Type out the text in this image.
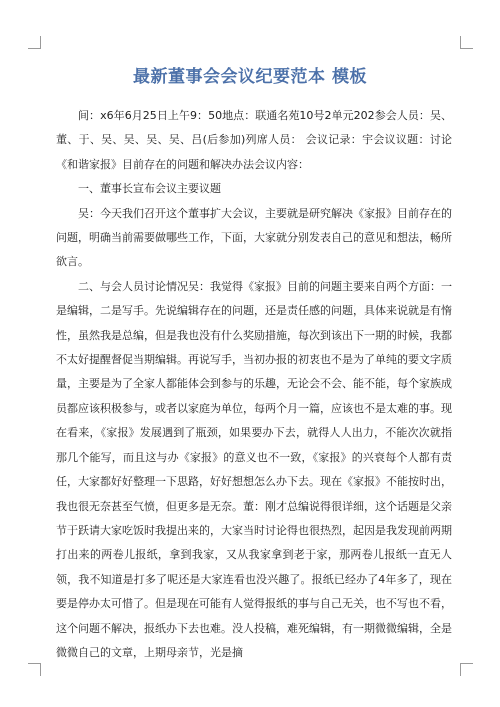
最新董事会会议纪要范本 模板

间：x6年6月25日上午9：50地点：联通名苑10号2单元202参会人员：吴、董、于、吴、吴、吴、吴、吕(后参加)列席人员： 会议记录：宇会议议题：讨论《和谐家报》目前存在的问题和解决办法会议内容：

一、董事长宣布会议主要议题

吴：今天我们召开这个董事扩大会议，主要就是研究解决《家报》目前存在的问题，明确当前需要做哪些工作，下面，大家就分别发表自己的意见和想法，畅所欲言。

二、与会人员讨论情况吴：我觉得《家报》目前的问题主要来自两个方面：一是编辑，二是写手。先说编辑存在的问题，还是责任感的问题，具体来说就是有惰性，虽然我是总编，但是我也没有什么奖励措施，每次到该出下一期的时候，我都不太好提醒督促当期编辑。再说写手，当初办报的初衷也不是为了单纯的要文字质量，主要是为了全家人都能体会到参与的乐趣，无论会不会、能不能，每个家族成员都应该积极参与，或者以家庭为单位，每两个月一篇，应该也不是太难的事。现在看来，《家报》发展遇到了瓶颈，如果要办下去，就得人人出力，不能次次就指那几个能写，而且这与办《家报》的意义也不一致，《家报》的兴衰每个人都有责任，大家都好好整理一下思路，好好想想怎么办下去。现在《家报》不能按时出，我也很无奈甚至气愤，但更多是无奈。董：刚才总编说得很详细，这个话题是父亲节于跃请大家吃饭时我提出来的，大家当时讨论得也很热烈，起因是我发现前两期打出来的两卷儿报纸，拿到我家，又从我家拿到老于家，那两卷儿报纸一直无人领，我不知道是打多了呢还是大家连看也没兴趣了。报纸已经办了4年多了，现在要是停办太可惜了。但是现在可能有人觉得报纸的事与自己无关，也不写也不看，这个问题不解决，报纸办下去也难。没人投稿，难死编辑，有一期微微编辑，全是微微自己的文章，上期母亲节，光是摘
